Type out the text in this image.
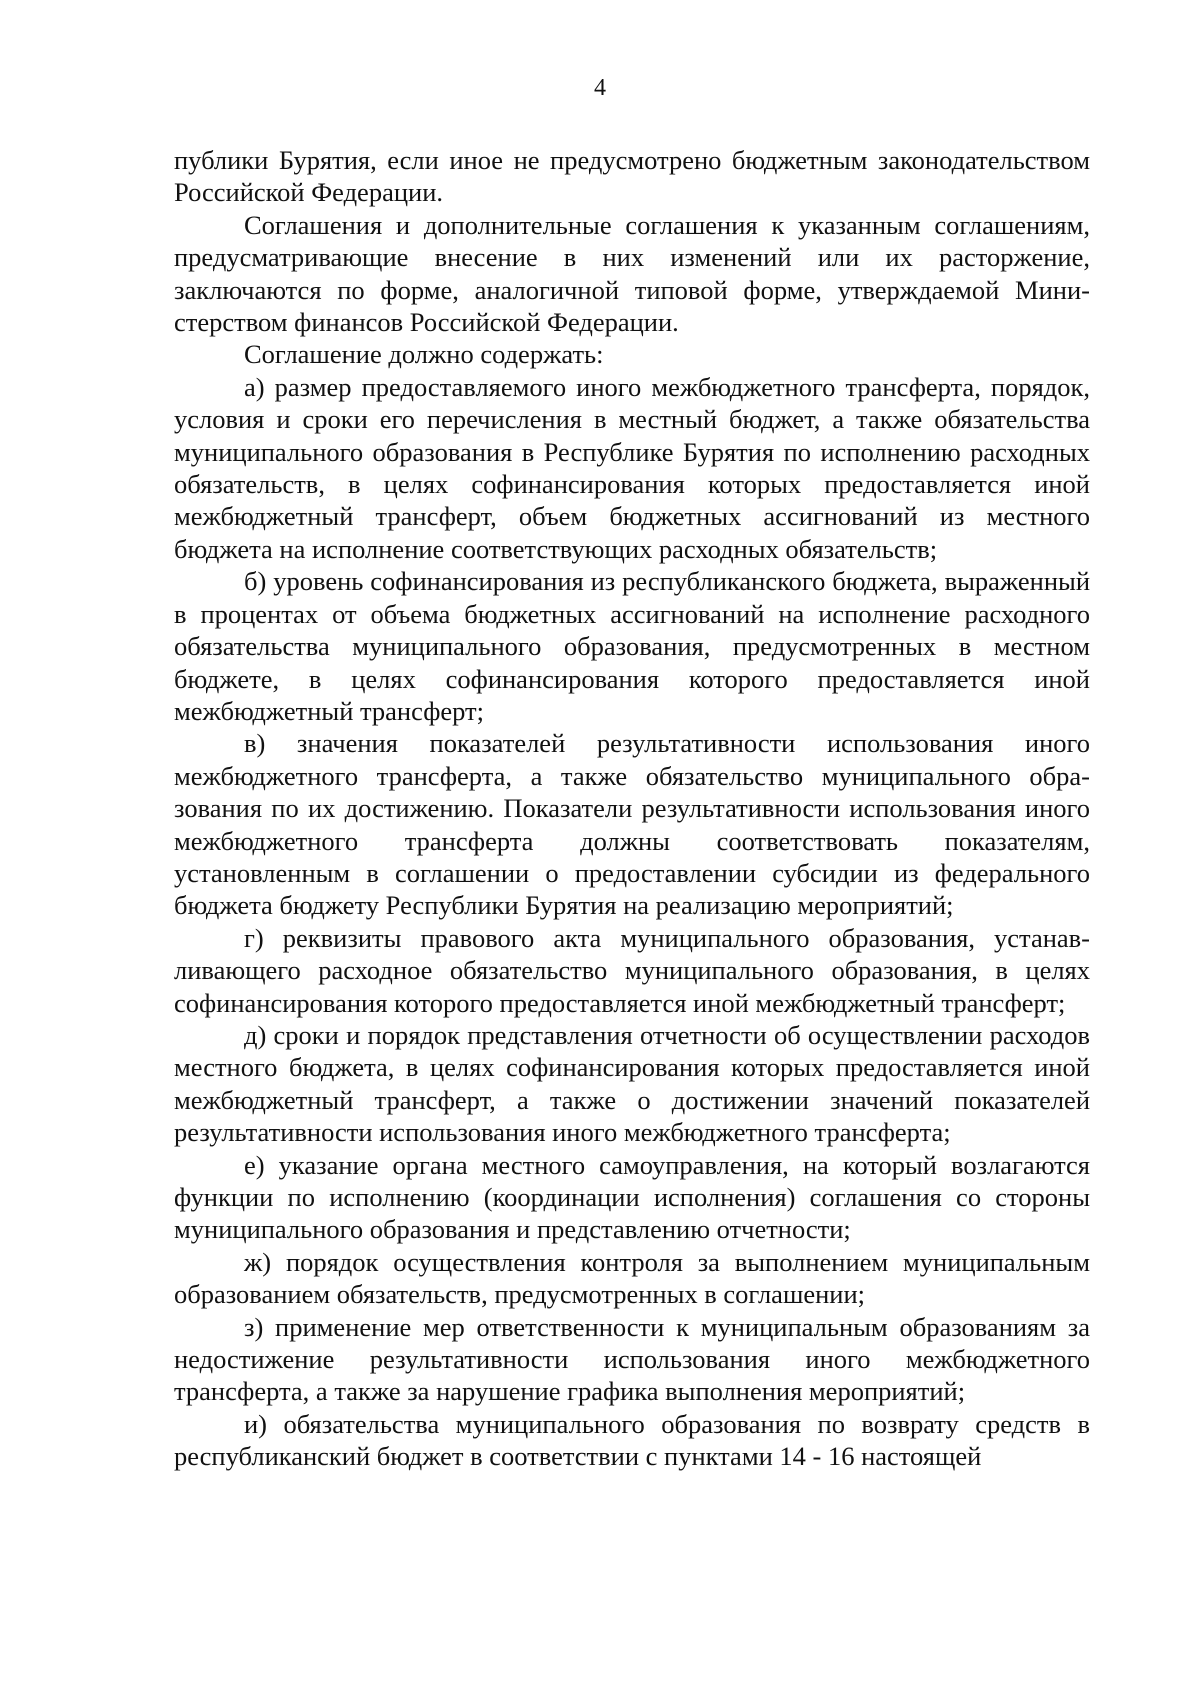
4

публики Бурятия, если иное не предусмотрено бюджетным законодательством Российской Федерации.

Соглашения и дополнительные соглашения к указанным соглашениям, предусматривающие внесение в них изменений или их расторжение, заключаются по форме, аналогичной типовой форме, утверждаемой Министерством финансов Российской Федерации.

Соглашение должно содержать:

а) размер предоставляемого иного межбюджетного трансферта, порядок, условия и сроки его перечисления в местный бюджет, а также обязательства муниципального образования в Республике Бурятия по исполнению расходных обязательств, в целях софинансирования которых предоставляется иной межбюджетный трансферт, объем бюджетных ассигнований из местного бюджета на исполнение соответствующих расходных обязательств;

б) уровень софинансирования из республиканского бюджета, выраженный в процентах от объема бюджетных ассигнований на исполнение расходного обязательства муниципального образования, предусмотренных в местном бюджете, в целях софинансирования которого предоставляется иной межбюджетный трансферт;

в) значения показателей результативности использования иного межбюджетного трансферта, а также обязательство муниципального образования по их достижению. Показатели результативности использования иного межбюджетного трансферта должны соответствовать показателям, установленным в соглашении о предоставлении субсидии из федерального бюджета бюджету Республики Бурятия на реализацию мероприятий;

г) реквизиты правового акта муниципального образования, устанавливающего расходное обязательство муниципального образования, в целях софинансирования которого предоставляется иной межбюджетный трансферт;

д) сроки и порядок представления отчетности об осуществлении расходов местного бюджета, в целях софинансирования которых предоставляется иной межбюджетный трансферт, а также о достижении значений показателей результативности использования иного межбюджетного трансферта;

е) указание органа местного самоуправления, на который возлагаются функции по исполнению (координации исполнения) соглашения со стороны муниципального образования и представлению отчетности;

ж) порядок осуществления контроля за выполнением муниципальным образованием обязательств, предусмотренных в соглашении;

з) применение мер ответственности к муниципальным образованиям за недостижение результативности использования иного межбюджетного трансферта, а также за нарушение графика выполнения мероприятий;

и) обязательства муниципального образования по возврату средств в республиканский бюджет в соответствии с пунктами 14 - 16 настоящей
